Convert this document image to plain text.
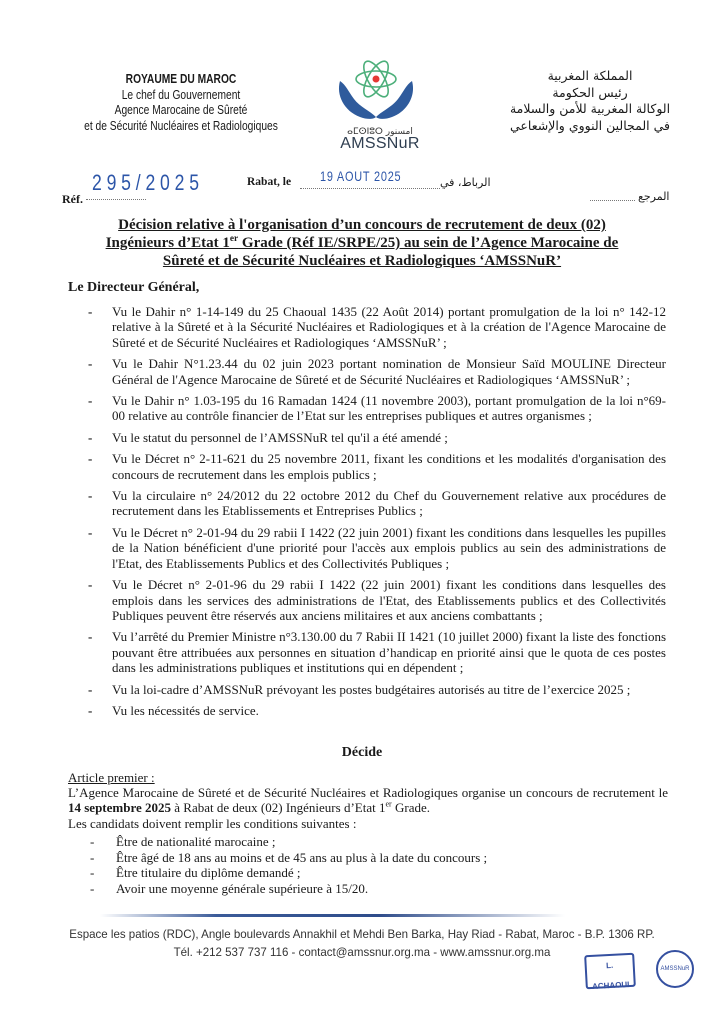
ROYAUME DU MAROC
Le chef du Gouvernement
Agence Marocaine de Sûreté
et de Sécurité Nucléaires et Radiologiques	ⴰⵎⵙⵏⵓⵔ امسنور
AMSSNuR
المملكة المغربية
رئيس الحكومة
الوكالة المغربية للأمن والسلامة
في المجالين النووي والإشعاعي
295/2025
Réf.
Rabat, le 19 AOUT 2025	الرباط، في
المرجع
Décision relative à l'organisation d’un concours de recrutement de deux (02)
Ingénieurs d’Etat 1er Grade (Réf IE/SRPE/25) au sein de l’Agence Marocaine de
Sûreté et de Sécurité Nucléaires et Radiologiques ‘AMSSNuR’
Le Directeur Général,
- Vu le Dahir n° 1-14-149 du 25 Chaoual 1435 (22 Août 2014) portant promulgation de la loi n° 142-12 relative à la Sûreté et à la Sécurité Nucléaires et Radiologiques et à la création de l'Agence Marocaine de Sûreté et de Sécurité Nucléaires et Radiologiques ‘AMSSNuR’ ;
- Vu le Dahir N°1.23.44 du 02 juin 2023 portant nomination de Monsieur Saïd MOULINE Directeur Général de l'Agence Marocaine de Sûreté et de Sécurité Nucléaires et Radiologiques ‘AMSSNuR’ ;
- Vu le Dahir n° 1.03-195 du 16 Ramadan 1424 (11 novembre 2003), portant promulgation de la loi n°69-00 relative au contrôle financier de l’Etat sur les entreprises publiques et autres organismes ;
- Vu le statut du personnel de l’AMSSNuR tel qu'il a été amendé ;
- Vu le Décret n° 2-11-621 du 25 novembre 2011, fixant les conditions et les modalités d'organisation des concours de recrutement dans les emplois publics ;
- Vu la circulaire n° 24/2012 du 22 octobre 2012 du Chef du Gouvernement relative aux procédures de recrutement dans les Etablissements et Entreprises Publics ;
- Vu le Décret n° 2-01-94 du 29 rabii I 1422 (22 juin 2001) fixant les conditions dans lesquelles les pupilles de la Nation bénéficient d'une priorité pour l'accès aux emplois publics au sein des administrations de l'Etat, des Etablissements Publics et des Collectivités Publiques ;
- Vu le Décret n° 2-01-96 du 29 rabii I 1422 (22 juin 2001) fixant les conditions dans lesquelles des emplois dans les services des administrations de l'Etat, des Etablissements publics et des Collectivités Publiques peuvent être réservés aux anciens militaires et aux anciens combattants ;
- Vu l’arrêté du Premier Ministre n°3.130.00 du 7 Rabii II 1421 (10 juillet 2000) fixant la liste des fonctions pouvant être attribuées aux personnes en situation d’handicap en priorité ainsi que le quota de ces postes dans les administrations publiques et institutions qui en dépendent ;
- Vu la loi-cadre d’AMSSNuR prévoyant les postes budgétaires autorisés au titre de l’exercice 2025 ;
- Vu les nécessités de service.
Décide
Article premier :

L’Agence Marocaine de Sûreté et de Sécurité Nucléaires et Radiologiques organise un concours de recrutement le 14 septembre 2025 à Rabat de deux (02) Ingénieurs d’Etat 1er Grade.

Les candidats doivent remplir les conditions suivantes :

- Être de nationalité marocaine ;
- Être âgé de 18 ans au moins et de 45 ans au plus à la date du concours ;
- Être titulaire du diplôme demandé ;
- Avoir une moyenne générale supérieure à 15/20.
Espace les patios (RDC), Angle boulevards Annakhil et Mehdi Ben Barka, Hay Riad - Rabat, Maroc - B.P. 1306 RP.
Tél. +212 537 737 116 - contact@amssnur.org.ma - www.amssnur.org.ma
L. ACHAOUI
AMSSNuR
